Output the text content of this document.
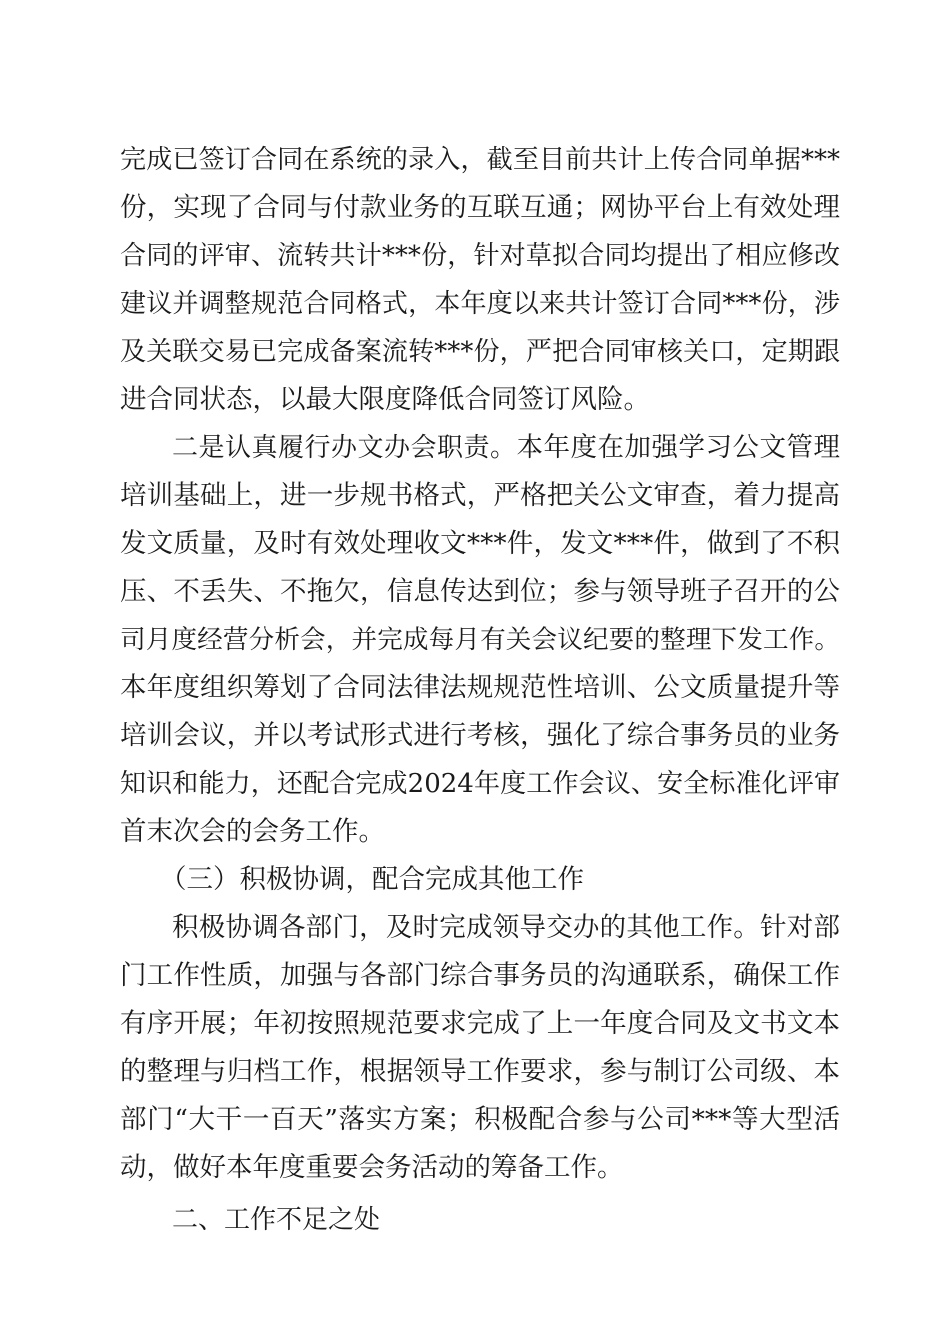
完成已签订合同在系统的录入，截至目前共计上传合同单据***
份，实现了合同与付款业务的互联互通；网协平台上有效处理
合同的评审、流转共计***份，针对草拟合同均提出了相应修改
建议并调整规范合同格式，本年度以来共计签订合同***份，涉
及关联交易已完成备案流转***份，严把合同审核关口，定期跟
进合同状态，以最大限度降低合同签订风险。
二是认真履行办文办会职责。本年度在加强学习公文管理
培训基础上，进一步规书格式，严格把关公文审查，着力提高
发文质量，及时有效处理收文***件，发文***件，做到了不积
压、不丢失、不拖欠，信息传达到位；参与领导班子召开的公
司月度经营分析会，并完成每月有关会议纪要的整理下发工作。
本年度组织筹划了合同法律法规规范性培训、公文质量提升等
培训会议，并以考试形式进行考核，强化了综合事务员的业务
知识和能力，还配合完成2024年度工作会议、安全标准化评审
首末次会的会务工作。
（三）积极协调，配合完成其他工作
积极协调各部门，及时完成领导交办的其他工作。针对部
门工作性质，加强与各部门综合事务员的沟通联系，确保工作
有序开展；年初按照规范要求完成了上一年度合同及文书文本
的整理与归档工作，根据领导工作要求，参与制订公司级、本
部门“大干一百天”落实方案；积极配合参与公司***等大型活
动，做好本年度重要会务活动的筹备工作。
二、工作不足之处
